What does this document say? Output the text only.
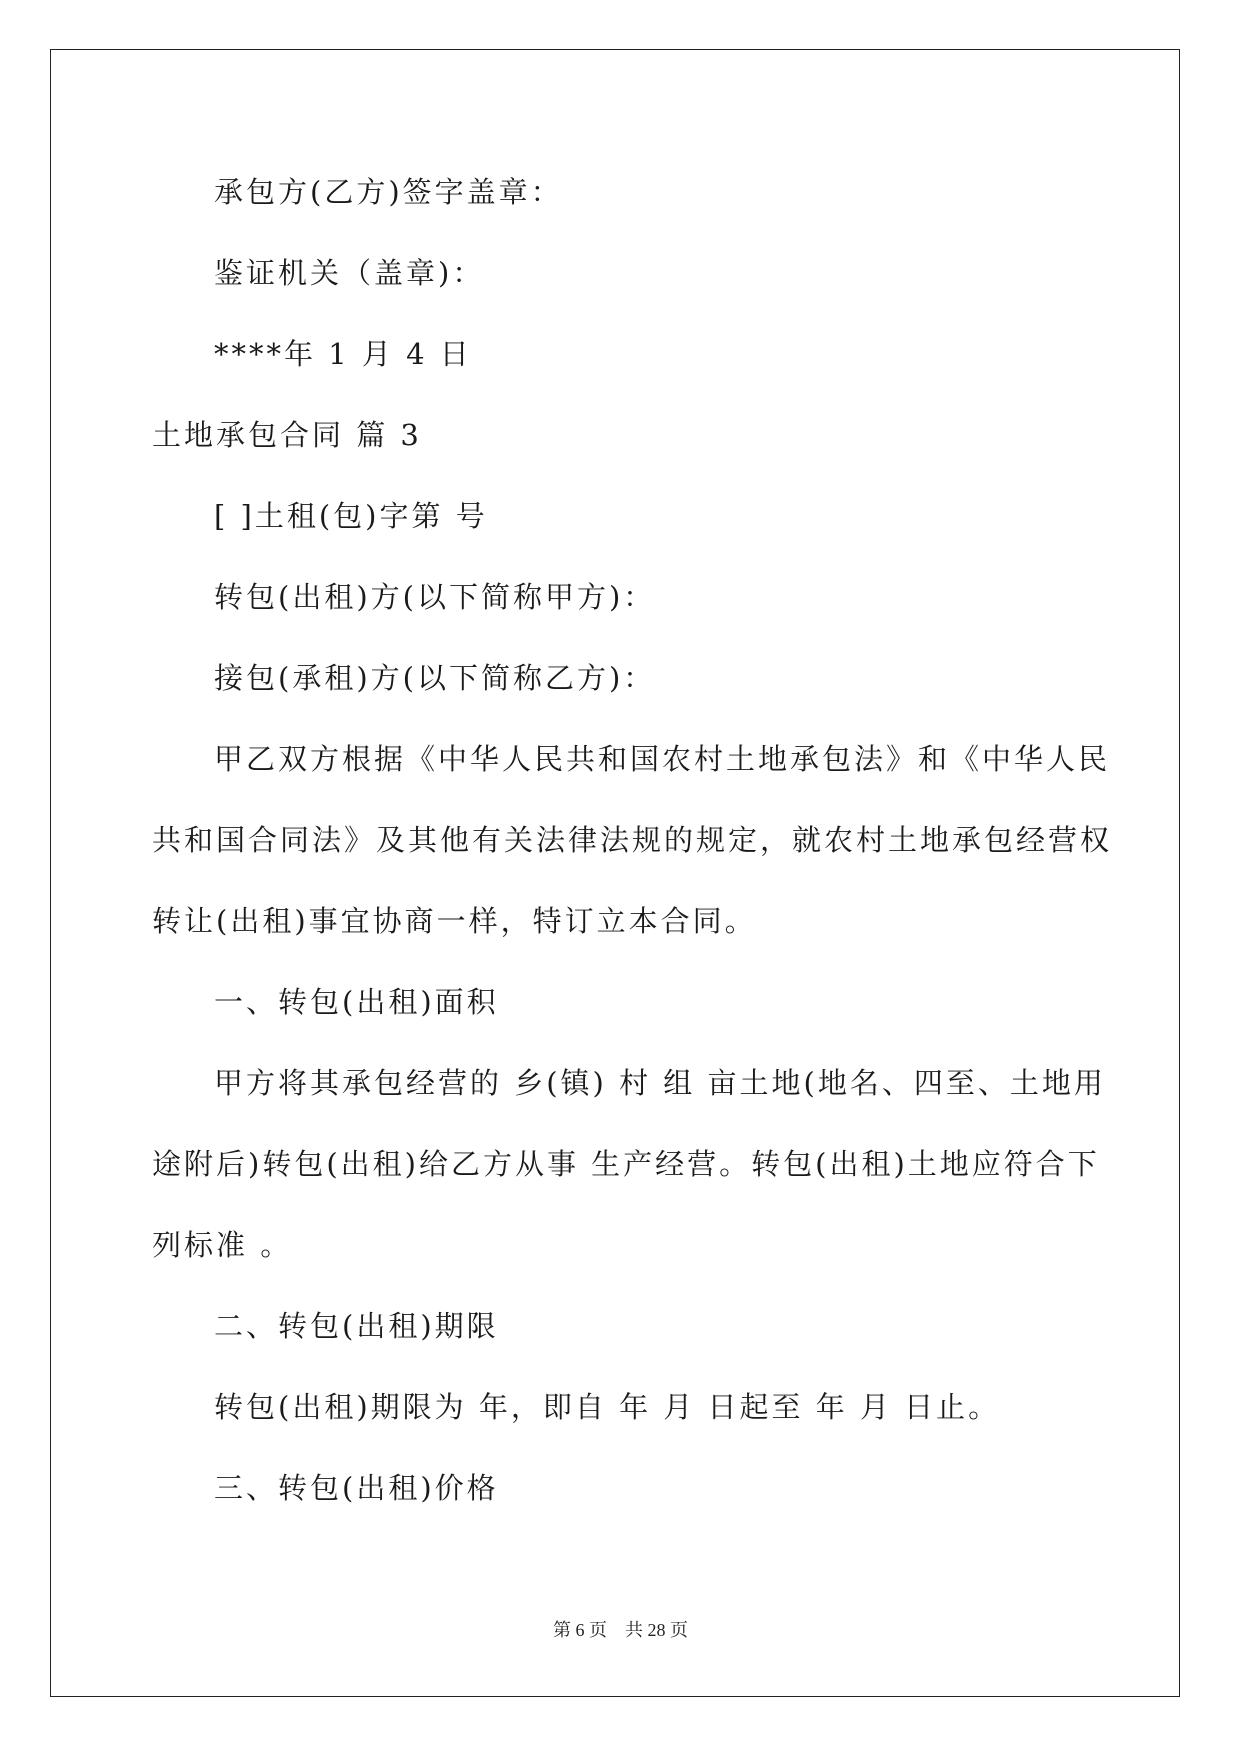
承包方(乙方)签字盖章：
鉴证机关（盖章)：
****年 1 月 4 日
土地承包合同 篇 3
[ ]土租(包)字第 号
转包(出租)方(以下简称甲方)：
接包(承租)方(以下简称乙方)：
甲乙双方根据《中华人民共和国农村土地承包法》和《中华人民
共和国合同法》及其他有关法律法规的规定，就农村土地承包经营权
转让(出租)事宜协商一样，特订立本合同。
一、转包(出租)面积
甲方将其承包经营的 乡(镇) 村 组 亩土地(地名、四至、土地用
途附后)转包(出租)给乙方从事 生产经营。转包(出租)土地应符合下
列标准 。
二、转包(出租)期限
转包(出租)期限为 年，即自 年 月 日起至 年 月 日止。
三、转包(出租)价格
第 6 页　共 28 页
